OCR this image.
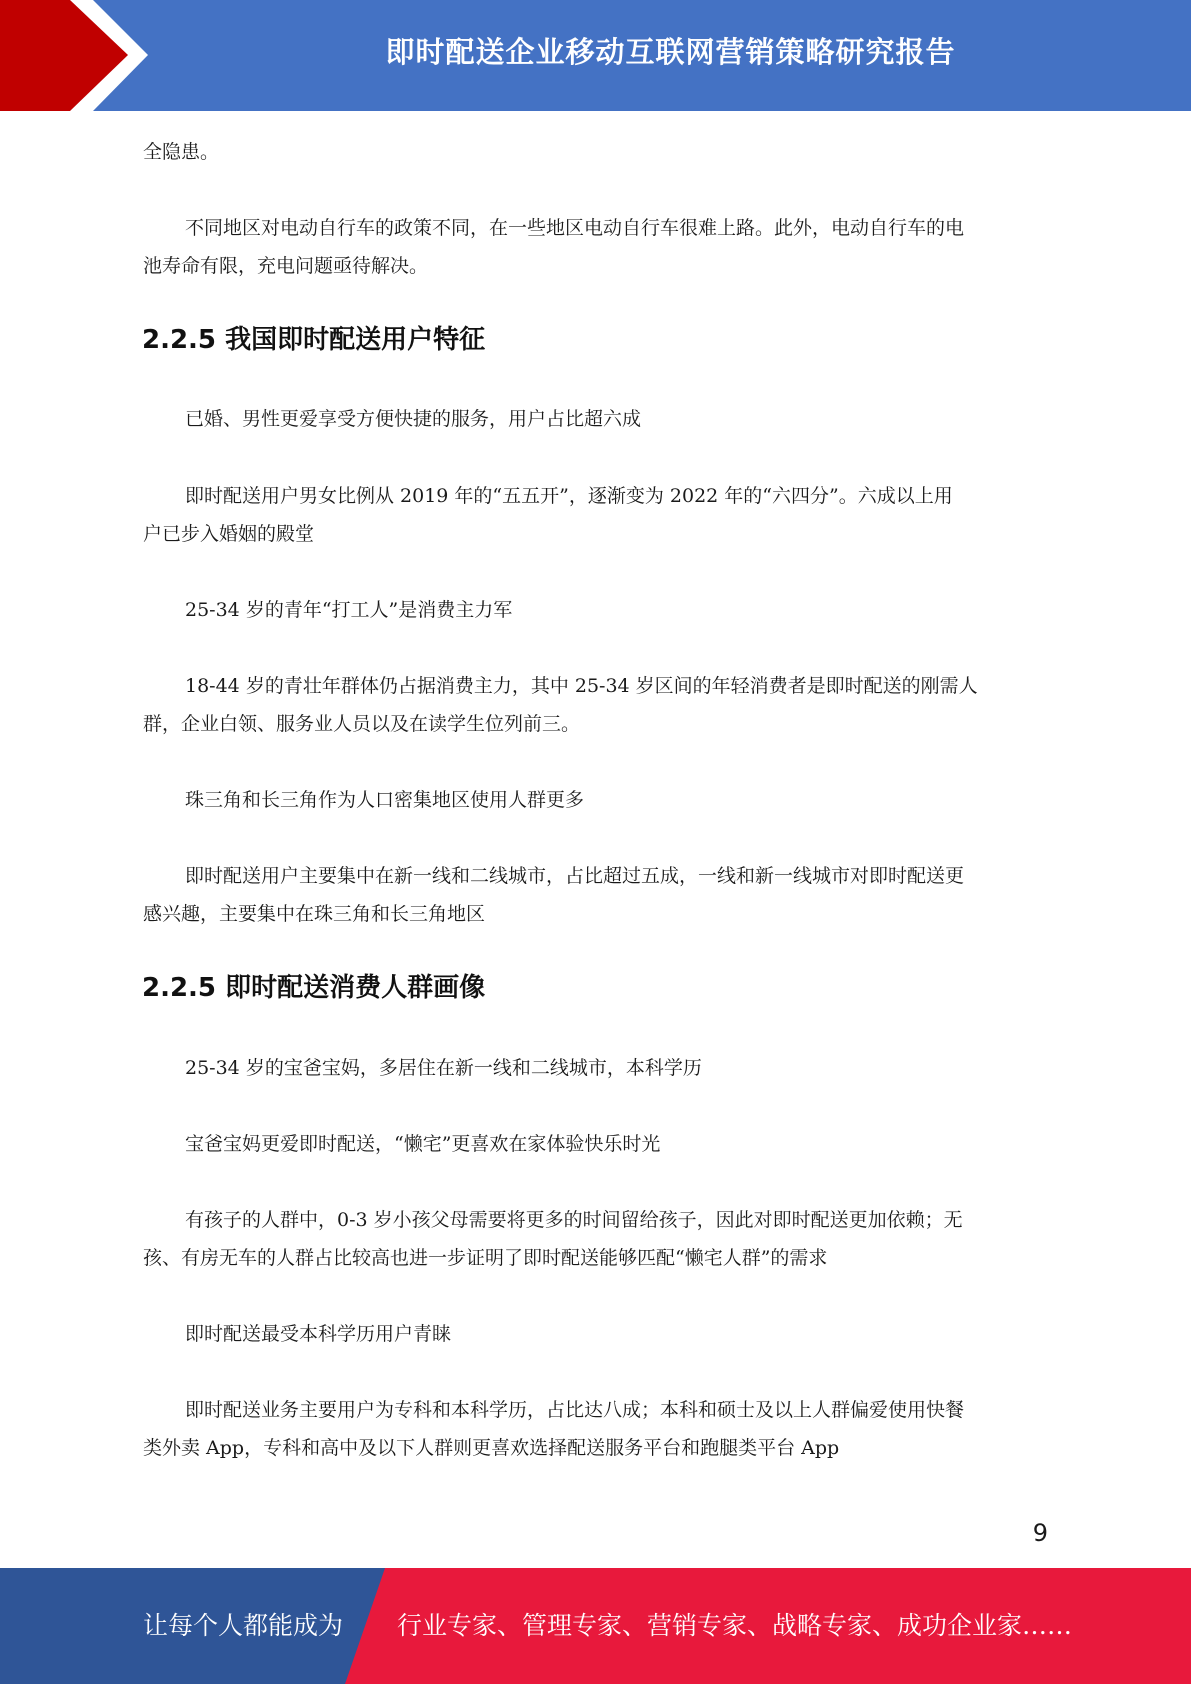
即时配送企业移动互联网营销策略研究报告
全隐患。
不同地区对电动自行车的政策不同，在一些地区电动自行车很难上路。此外，电动自行车的电
池寿命有限，充电问题亟待解决。
2.2.5 我国即时配送用户特征
已婚、男性更爱享受方便快捷的服务，用户占比超六成
即时配送用户男女比例从 2019 年的“五五开”，逐渐变为 2022 年的“六四分”。六成以上用
户已步入婚姻的殿堂
25-34 岁的青年“打工人”是消费主力军
18-44 岁的青壮年群体仍占据消费主力，其中 25-34 岁区间的年轻消费者是即时配送的刚需人
群，企业白领、服务业人员以及在读学生位列前三。
珠三角和长三角作为人口密集地区使用人群更多
即时配送用户主要集中在新一线和二线城市，占比超过五成，一线和新一线城市对即时配送更
感兴趣，主要集中在珠三角和长三角地区
2.2.5 即时配送消费人群画像
25-34 岁的宝爸宝妈，多居住在新一线和二线城市，本科学历
宝爸宝妈更爱即时配送，“懒宅”更喜欢在家体验快乐时光
有孩子的人群中，0-3 岁小孩父母需要将更多的时间留给孩子，因此对即时配送更加依赖；无
孩、有房无车的人群占比较高也进一步证明了即时配送能够匹配“懒宅人群”的需求
即时配送最受本科学历用户青睐
即时配送业务主要用户为专科和本科学历，占比达八成；本科和硕士及以上人群偏爱使用快餐
类外卖 App，专科和高中及以下人群则更喜欢选择配送服务平台和跑腿类平台 App
9
让每个人都能成为 行业专家、管理专家、营销专家、战略专家、成功企业家……
